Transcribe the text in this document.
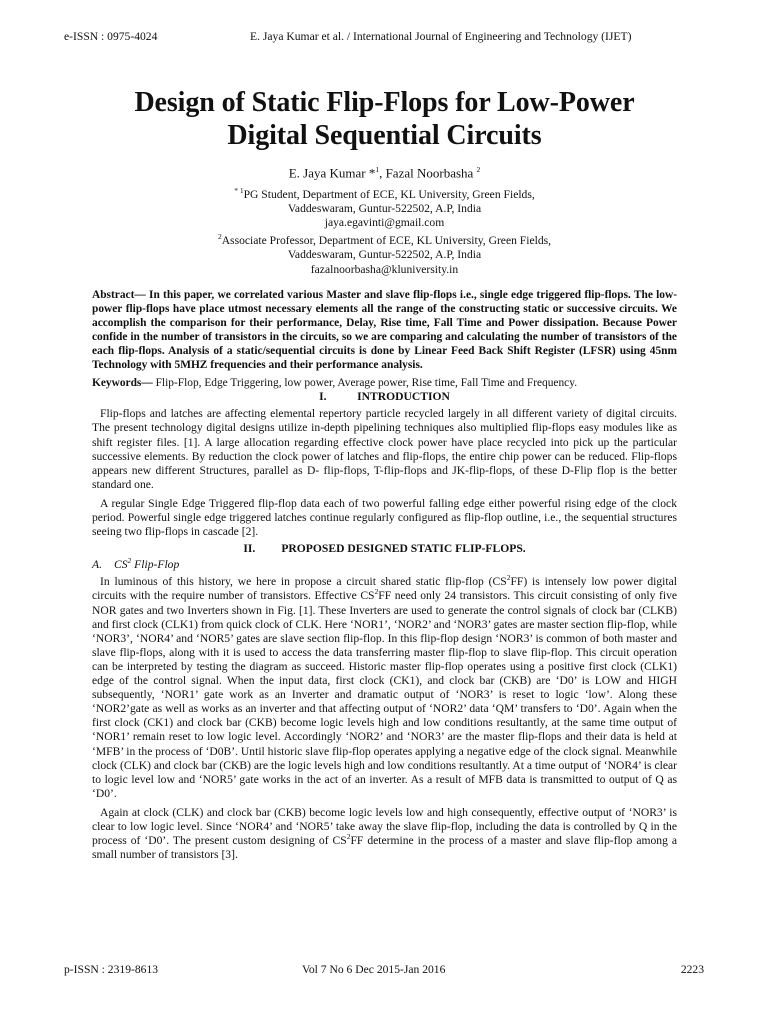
e-ISSN : 0975-4024	E. Jaya Kumar et al. / International Journal of Engineering and Technology (IJET)
Design of Static Flip-Flops for Low-Power Digital Sequential Circuits
E. Jaya Kumar *$^1$, Fazal Noorbasha $^2$
$^{* 1}$PG Student, Department of ECE, KL University, Green Fields,
Vaddeswaram, Guntur-522502, A.P, India
jaya.egavinti@gmail.com
$^2$Associate Professor, Department of ECE, KL University, Green Fields,
Vaddeswaram, Guntur-522502, A.P, India
fazalnoorbasha@kluniversity.in
Abstract— In this paper, we correlated various Master and slave flip-flops i.e., single edge triggered flip-flops. The low-power flip-flops have place utmost necessary elements all the range of the constructing static or successive circuits. We accomplish the comparison for their performance, Delay, Rise time, Fall Time and Power dissipation. Because Power confide in the number of transistors in the circuits, so we are comparing and calculating the number of transistors of the each flip-flops. Analysis of a static/sequential circuits is done by Linear Feed Back Shift Register (LFSR) using 45nm Technology with 5MHZ frequencies and their performance analysis.
Keywords— Flip-Flop, Edge Triggering, low power, Average power, Rise time, Fall Time and Frequency.
I.	INTRODUCTION

Flip-flops and latches are affecting elemental repertory particle recycled largely in all different variety of digital circuits. The present technology digital designs utilize in-depth pipelining techniques also multiplied flip-flops easy modules like as shift register files. [1]. A large allocation regarding effective clock power have place recycled into pick up the particular successive elements. By reduction the clock power of latches and flip-flops, the entire chip power can be reduced. Flip-flops appears new different Structures, parallel as D- flip-flops, T-flip-flops and JK-flip-flops, of these D-Flip flop is the better standard one.

A regular Single Edge Triggered flip-flop data each of two powerful falling edge either powerful rising edge of the clock period. Powerful single edge triggered latches continue regularly configured as flip-flop outline, i.e., the sequential structures seeing two flip-flops in cascade [2].

II. PROPOSED DESIGNED STATIC FLIP-FLOPS.
A. $CS^2$ Flip-Flop

In luminous of this history, we here in propose a circuit shared static flip-flop $(CS^2FF)$ is intensely low power digital circuits with the require number of transistors. Effective $CS^2FF$ need only 24 transistors. This circuit consisting of only five NOR gates and two Inverters shown in Fig. [1]. These Inverters are used to generate the control signals of clock bar (CLKB) and first clock (CLK1) from quick clock of CLK. Here ‘NOR1’, ‘NOR2’ and ‘NOR3’ gates are master section flip-flop, while ‘NOR3’, ‘NOR4’ and ‘NOR5’ gates are slave section flip-flop. In this flip-flop design ‘NOR3’ is common of both master and slave flip-flops, along with it is used to access the data transferring master flip-flop to slave flip-flop. This circuit operation can be interpreted by testing the diagram as succeed. Historic master flip-flop operates using a positive first clock (CLK1) edge of the control signal. When the input data, first clock (CK1), and clock bar (CKB) are ‘D0’ is LOW and HIGH subsequently, ‘NOR1’ gate work as an Inverter and dramatic output of ‘NOR3’ is reset to logic ‘low’. Along these ‘NOR2’gate as well as works as an inverter and that affecting output of ‘NOR2’ data ‘QM’ transfers to ‘D0’. Again when the first clock (CK1) and clock bar (CKB) become logic levels high and low conditions resultantly, at the same time output of ‘NOR1’ remain reset to low logic level. Accordingly ‘NOR2’ and ‘NOR3’ are the master flip-flops and their data is held at ‘MFB’ in the process of ‘D0B’. Until historic slave flip-flop operates applying a negative edge of the clock signal. Meanwhile clock (CLK) and clock bar (CKB) are the logic levels high and low conditions resultantly. At a time output of ‘NOR4’ is clear to logic level low and ‘NOR5’ gate works in the act of an inverter. As a result of MFB data is transmitted to output of Q as ‘D0’.

Again at clock (CLK) and clock bar (CKB) become logic levels low and high consequently, effective output of ‘NOR3’ is clear to low logic level. Since ‘NOR4’ and ‘NOR5’ take away the slave flip-flop, including the data is controlled by Q in the process of ‘D0’. The present custom designing of $CS^2FF$ determine in the process of a master and slave flip-flop among a small number of transistors [3].

p-ISSN : 2319-8613	Vol 7 No 6 Dec 2015-Jan 2016	2223
